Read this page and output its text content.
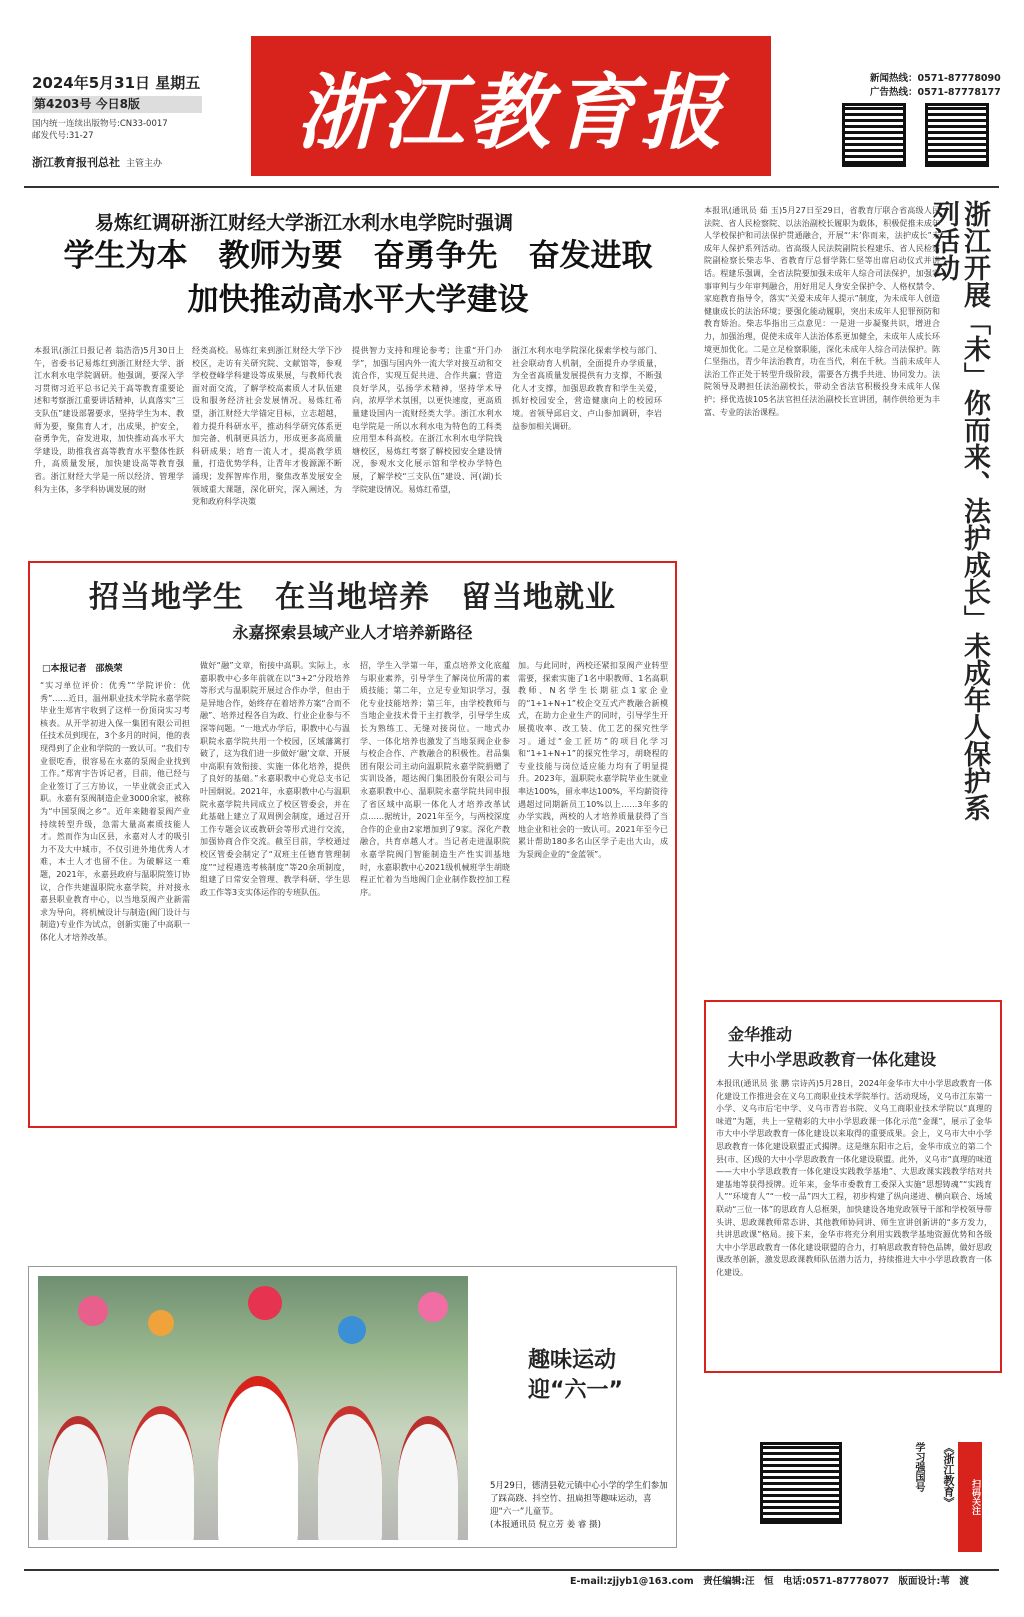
2024年5月31日 星期五
第4203号 今日8版
国内统一连续出版物号:CN33-0017
邮发代号:31-27
浙江教育报刊总社 主管主办
浙江教育报	新闻热线：0571-87778090
广告热线：0571-87778177
易炼红调研浙江财经大学浙江水利水电学院时强调
学生为本　教师为要　奋勇争先　奋发进取
加快推动高水平大学建设
本报讯(浙江日报记者 翁浩浩)5月30日上午，省委书记易炼红到浙江财经大学、浙江水利水电学院调研。他强调，要深入学习贯彻习近平总书记关于高等教育重要论述和考察浙江重要讲话精神，认真落实“三支队伍”建设部署要求，坚持学生为本、教师为要，聚焦育人才，出成果，护安全，奋勇争先，奋发进取，加快推动高水平大学建设，助推我省高等教育水平整体性跃升，高质量发展，加快建设高等教育强省。浙江财经大学是一所以经济、管理学科为主体，多学科协调发展的财
经类高校。易炼红来到浙江财经大学下沙校区，走访有关研究院、文献馆等，参观学校登峰学科建设等成果展，与教师代表面对面交流，了解学校高素质人才队伍建设和服务经济社会发展情况。易炼红希望，浙江财经大学锚定目标，立志超越，着力提升科研水平，推动科学研究体系更加完备、机制更具活力，形成更多高质量科研成果；培育一流人才，提高教学质量，打造优势学科，让青年才俊源源不断涌现；发挥智库作用，聚焦改革发展安全领域重大课题，深化研究，深入阐述，为党和政府科学决策
提供智力支持和理论参考；注重“开门办学”，加强与国内外一流大学对接互动和交流合作，实现互促共进、合作共赢；营造良好学风，弘扬学术精神，坚持学术导向，浓厚学术氛围，以更快速度，更高质量建设国内一流财经类大学。浙江水利水电学院是一所以水利水电为特色的工科类应用型本科高校。在浙江水利水电学院钱塘校区，易炼红考察了解校园安全建设情况，参观水文化展示馆和学校办学特色展，了解学校“三支队伍”建设、河(湖)长学院建设情况。易炼红希望，
浙江水利水电学院深化探索学校与部门、社会联动育人机制，全面提升办学质量，为全省高质量发展提供有力支撑，不断强化人才支撑，加强思政教育和学生关爱，抓好校园安全，营造健康向上的校园环境。省领导邱启文、卢山参加调研，李岩益参加相关调研。
招当地学生　在当地培养　留当地就业
永嘉探索县域产业人才培养新路径
□本报记者　邵焕荣
“实习单位评价：优秀”“学院评价：优秀”……近日，温州职业技术学院永嘉学院毕业生郑宵宇收到了这样一份顶岗实习考核表。从开学初进入保一集团有限公司担任技术员到现在，3个多月的时间，他的表现得到了企业和学院的一致认可。“我们专业很吃香，很容易在永嘉的泵阀企业找到工作。”郑宵宇告诉记者，目前，他已经与企业签订了三方协议，一毕业就会正式入职。永嘉有泵阀制造企业3000余家，被称为“中国泵阀之乡”。近年来随着泵阀产业持续转型升级，急需大量高素质技能人才。然而作为山区县，永嘉对人才的吸引力不及大中城市，不仅引进外地优秀人才难，本土人才也留不住。为破解这一难题，2021年，永嘉县政府与温职院签订协议，合作共建温职院永嘉学院，并对接永嘉县职业教育中心，以当地泵阀产业新需求为导向，将机械设计与制造(阀门设计与制造)专业作为试点，创新实施了中高职一体化人才培养改革。
做好“融”文章，衔接中高职。实际上，永嘉职教中心多年前就在以“3+2”分段培养等形式与温职院开展过合作办学，但由于是异地合作，始终存在着培养方案“合而不融”、培养过程各自为政、行业企业参与不深等问题。“一地式办学后，职教中心与温职院永嘉学院共用一个校园，区域藩篱打破了，这为我们进一步做好‘融’文章、开展中高职有效衔接、实施一体化培养，提供了良好的基础。”永嘉职教中心党总支书记叶国炯说。2021年，永嘉职教中心与温职院永嘉学院共同成立了校区管委会，并在此基础上建立了双周例会制度，通过召开工作专题会议或教研会等形式进行交流，加强协商合作交流。截至目前，学校通过校区管委会制定了“双班主任德育管理制度”“过程遴选考核制度”等20余项制度，组建了日常安全管理、教学科研、学生思政工作等3支实体运作的专班队伍。
招，学生入学第一年，重点培养文化底蕴与职业素养，引导学生了解岗位所需的素质技能；第二年，立足专业知识学习，强化专业技能培养；第三年，由学校教师与当地企业技术骨干主打教学，引导学生成长为熟练工、无缝对接岗位。一地式办学、一体化培养也激发了当地泵阀企业参与校企合作、产教融合的积极性。君品集团有限公司主动向温职院永嘉学院捐赠了实训设备，超达阀门集团股份有限公司与永嘉职教中心、温职院永嘉学院共同申报了省区域中高职一体化人才培养改革试点……据统计，2021年至今，与两校深度合作的企业由2家增加到了9家。深化产教融合，共育卓越人才。当记者走进温职院永嘉学院阀门智能制造生产性实训基地时，永嘉职教中心2021级机械班学生胡晓程正忙着为当地阀门企业制作数控加工程序。
加。与此同时，两校还紧扣泵阀产业转型需要，探索实施了1名中职教师、1名高职教师、N名学生长期驻点1家企业的“1+1+N+1”校企交互式产教融合新模式，在助力企业生产的同时，引导学生开展揽收率、改工装、优工艺的探究性学习。通过“金工匠坊”的项目化学习和“1+1+N+1”的探究性学习，胡晓程的专业技能与岗位适应能力均有了明显提升。2023年，温职院永嘉学院毕业生就业率达100%，留永率达100%，平均薪资待遇超过同期新员工10%以上……3年多的办学实践，两校的人才培养质量获得了当地企业和社会的一致认可。2021年至今已累计帮助180多名山区学子走出大山，成为泵阀企业的“金蓝领”。
本报讯(通讯员 茹 玉)5月27日至29日，省教育厅联合省高级人民法院、省人民检察院、以法治副校长履职为载体，积极促推未成年人学校保护和司法保护贯通融合，开展“‘未’你而来，法护成长”未成年人保护系列活动。省高级人民法院副院长程建乐、省人民检察院副检察长柴志华、省教育厅总督学陈仁坚等出席启动仪式并讲话。程建乐强调，全省法院要加强未成年人综合司法保护，加强家事审判与少年审判融合，用好用足人身安全保护令、人格权禁令、家庭教育指导令，落实“关爱未成年人提示”制度，为未成年人创造健康成长的法治环境；要强化能动履职，突出未成年人犯罪预防和教育矫治。柴志华指出三点意见：一是进一步凝聚共识，增进合力，加强治理，促使未成年人法治体系更加健全，未成年人成长环境更加优化。二是立足检察职能，深化未成年人综合司法保护。陈仁坚指出，青少年法治教育，功在当代，利在千秋。当前未成年人法治工作正处于转型升级阶段，需要各方携手共进、协同发力。法院领导及聘担任法治副校长，带动全省法官积极投身未成年人保护；择优选拔105名法官担任法治副校长宣讲团，制作供给更为丰富、专业的法治课程。	浙江开展「未」你而来、法护成长」未成年人保护系列活动
金华推动
大中小学思政教育一体化建设
本报讯(通讯员 张 鹏 宗诗芮)5月28日，2024年金华市大中小学思政教育一体化建设工作推进会在义乌工商职业技术学院举行。活动现场，义乌市江东第一小学、义乌市后宅中学、义乌市青岩书院、义乌工商职业技术学院以“真理的味道”为题，共上一堂精彩的大中小学思政课一体化示范“金课”，展示了金华市大中小学思政教育一体化建设以来取得的重要成果。会上，义乌市大中小学思政教育一体化建设联盟正式揭牌。这是继东阳市之后，金华市成立的第二个县(市、区)级的大中小学思政教育一体化建设联盟。此外，义乌市“真理的味道——大中小学思政教育一体化建设实践教学基地”、大思政课实践教学结对共建基地等获得授牌。近年来，金华市委教育工委深入实施“思想铸魂”“实践育人”“环境育人”“一校一品”四大工程，初步构建了纵向递进、横向联合、场域联动“三位一体”的思政育人总框架，加快建设各地党政领导干部和学校领导带头讲、思政课教师常态讲、其他教师协同讲、师生宣讲创新讲的“多方发力，共讲思政课”格局。接下来，金华市将充分利用实践教学基地资源优势和各级大中小学思政教育一体化建设联盟的合力，打响思政教育特色品牌，做好思政课改革创新，激发思政课教师队伍潜力活力，持续推进大中小学思政教育一体化建设。
趣味运动
迎“六一”
5月29日，德清县乾元镇中心小学的学生们参加了踩高跷、抖空竹、扭扁担等趣味运动，喜迎“六一”儿童节。
(本报通讯员 倪立芳 姜 睿 摄)
扫码关注
《浙江教育》
学习强国号
E-mail:zjjyb1@163.com　责任编辑:汪　恒　电话:0571-87778077　版面设计:苇　渡
